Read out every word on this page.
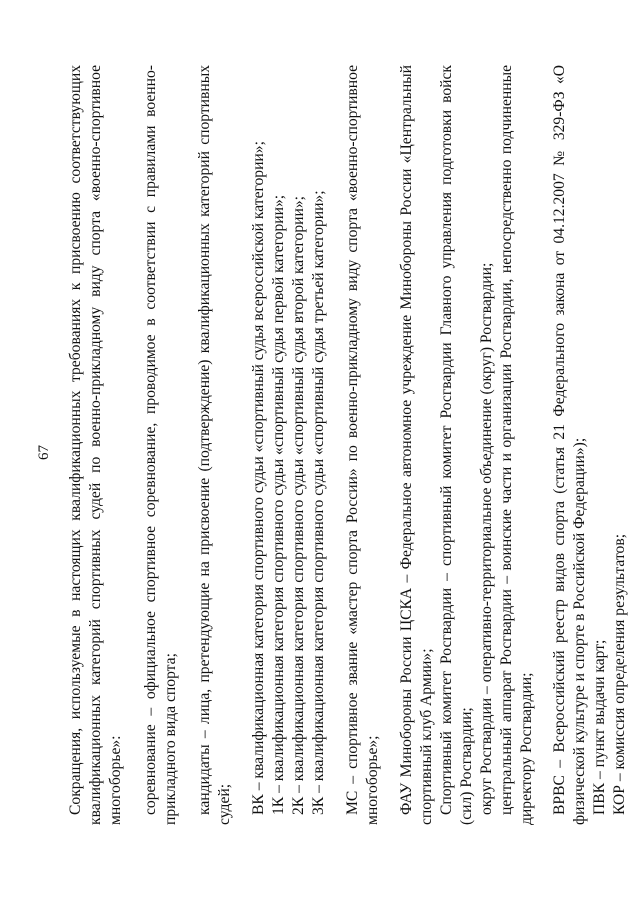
67 Сокращения, используемые в настоящих квалификационных требованиях к присвоению соответствующих квалификационных категорий спортивных судей по военно-прикладному виду спорта «военно-спортивное многоборье»: соревнование – официальное спортивное соревнование, проводимое в соответствии с правилами военно-прикладного вида спорта; кандидаты – лица, претендующие на присвоение (подтверждение) квалификационных категорий спортивных судей; ВК – квалификационная категория спортивного судьи «спортивный судья всероссийской категории»; 1К – квалификационная категория спортивного судьи «спортивный судья первой категории»; 2К – квалификационная категория спортивного судьи «спортивный судья второй категории»; 3К – квалификационная категория спортивного судьи «спортивный судья третьей категории»; МС – спортивное звание «мастер спорта России» по военно-прикладному виду спорта «военно-спортивное многоборье»; ФАУ Минобороны России ЦСКА – Федеральное автономное учреждение Минобороны России «Центральный спортивный клуб Армии»; Спортивный комитет Росгвардии – спортивный комитет Росгвардии Главного управления подготовки войск (сил) Росгвардии; округ Росгвардии – оперативно-территориальное объединение (округ) Росгвардии; центральный аппарат Росгвардии – воинские части и организации Росгвардии, непосредственно подчиненные директору Росгвардии; ВРВС – Всероссийский реестр видов спорта (статья 21 Федерального закона от 04.12.2007 № 329-ФЗ «О физической культуре и спорте в Российской Федерации»); ПВК – пункт выдачи карт; КОР – комиссия определения результатов;
